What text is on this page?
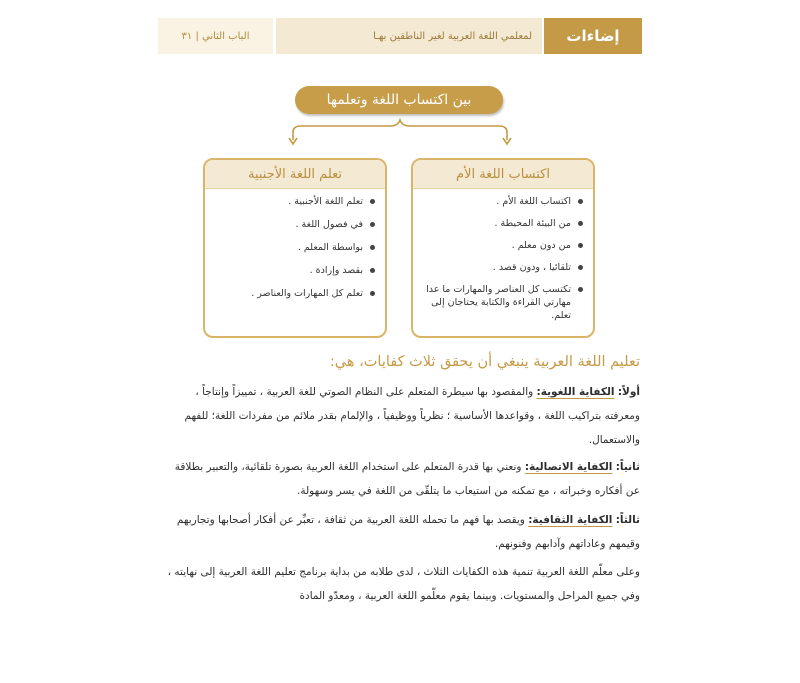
الباب الثاني | ٣١	لمعلمي اللغة العربية لغير الناطقين بهـا	إضاءات
بين اكتساب اللغة وتعلمها
اكتساب اللغة الأم
اكتساب اللغة الأم .
من البيئة المحيطة .
من دون معلم .
تلقائيا ، ودون قصد .
تكتسب كل العناصر والمهارات ما عدا مهارتي القراءة والكتابة يحتاجان إلى تعلم.
تعلم اللغة الأجنبية
تعلم اللغة الأجنبية .
في فصول اللغة .
بواسطة المعلم .
بقصد وإرادة .
تعلم كل المهارات والعناصر .
تعليم اللغة العربية ينبغي أن يحقق ثلاث كفايات، هي:

أولاً: الكفاية اللغوية: والمقصود بها سيطرة المتعلم على النظام الصوتي للغة العربية ، تمييزاً وإنتاجاً ، ومعرفته بتراكيب اللغة ، وقواعدها الأساسية ؛ نظرياً ووظيفياً ، والإلمام بقدر ملائم من مفردات اللغة؛ للفهم والاستعمال.

ثانياً: الكفاية الاتصالية: ونعني بها قدرة المتعلم على استخدام اللغة العربية بصورة تلقائية، والتعبير بطلاقة عن أفكاره وخبراته ، مع تمكنه من استيعاب ما يتلقّى من اللغة في يسر وسهولة.

ثالثاً: الكفاية الثقافية: ويقصد بها فهم ما تحمله اللغة العربية من ثقافة ، تعبِّر عن أفكار أصحابها وتجاربهم وقيمهم وعاداتهم وآدابهم وفنونهم.

وعلى معلّم اللغة العربية تنمية هذه الكفايات الثلاث ، لدى طلابه من بداية برنامج تعليم اللغة العربية إلى نهايته ، وفي جميع المراحل والمستويات. وبينما يقوم معلّمو اللغة العربية ، ومعدّو المادة
